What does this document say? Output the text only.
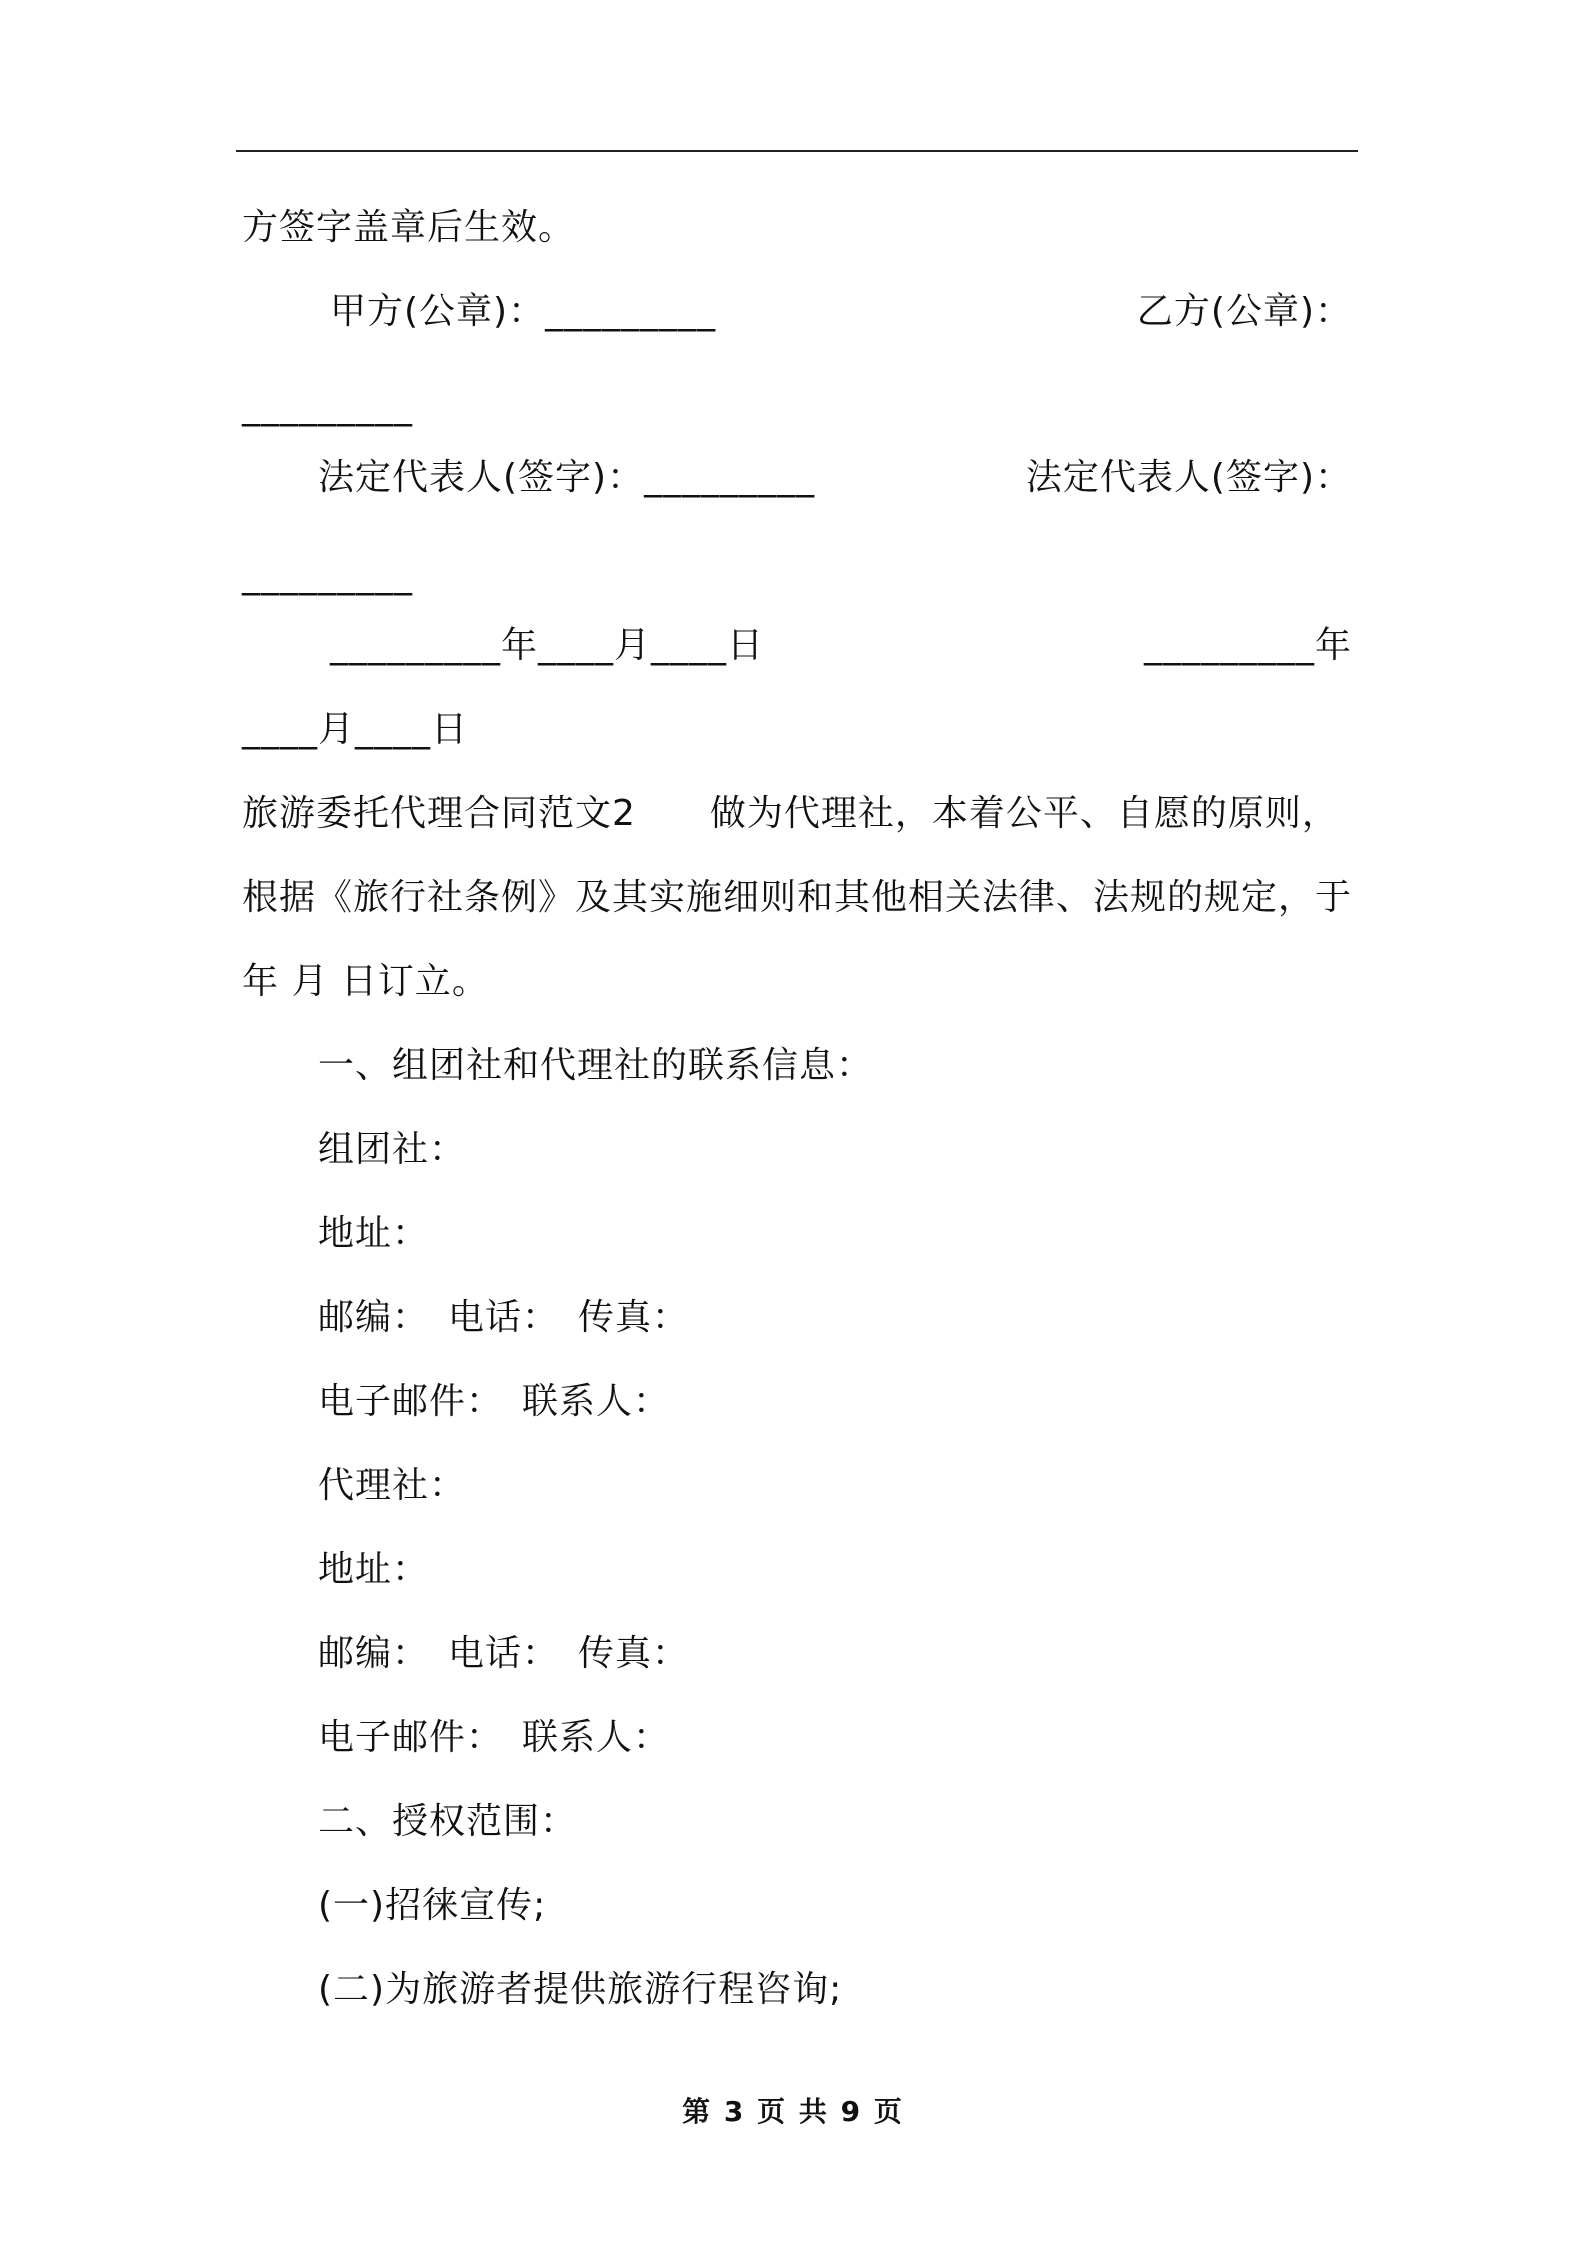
方签字盖章后生效。
甲方(公章)：_________	乙方(公章)：
_________
法定代表人(签字)：_________	法定代表人(签字)：
_________
_________年____月____日	_________年
____月____日
旅游委托代理合同范文2　　做为代理社，本着公平、自愿的原则，
根据《旅行社条例》及其实施细则和其他相关法律、法规的规定，于
年 月 日订立。
一、组团社和代理社的联系信息：
组团社：
地址：
邮编：　电话：　传真：
电子邮件：　联系人：
代理社：
地址：
邮编：　电话：　传真：
电子邮件：　联系人：
二、授权范围：
(一)招徕宣传;
(二)为旅游者提供旅游行程咨询;
第 3 页 共 9 页
